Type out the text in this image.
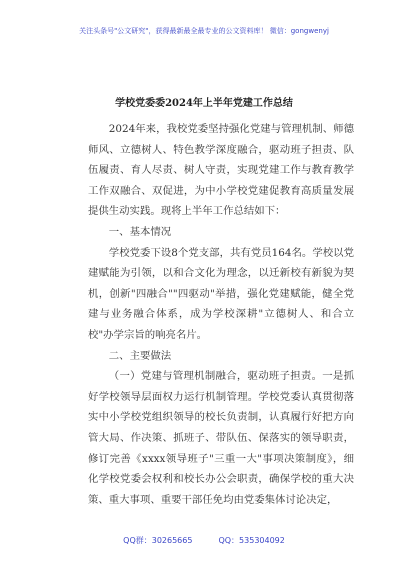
关注头条号"公文研究"，获得最新最全最专业的公文资料库！ 微信：gongwenyj
学校党委委2024年上半年党建工作总结

2024年来，我校党委坚持强化党建与管理机制、师德师风、立德树人、特色教学深度融合，驱动班子担责、队伍履责、育人尽责、树人守责，实现党建工作与教育教学工作双融合、双促进，为中小学校党建促教育高质量发展提供生动实践。现将上半年工作总结如下：

一、基本情况

学校党委下设8个党支部，共有党员164名。学校以党建赋能为引领，以和合文化为理念，以迁新校有新貌为契机，创新"四融合""四驱动"举措，强化党建赋能，健全党建与业务融合体系，成为学校深耕"立德树人、和合立校"办学宗旨的响亮名片。

二、主要做法

（一）党建与管理机制融合，驱动班子担责。一是抓好学校领导层面权力运行机制管理。学校党委认真贯彻落实中小学校党组织领导的校长负责制，认真履行好把方向管大局、作决策、抓班子、带队伍、保落实的领导职责，修订完善《xxxx领导班子"三重一大"事项决策制度》，细化学校党委会权利和校长办公会职责，确保学校的重大决策、重大事项、重要干部任免均由党委集体讨论决定，

QQ群：30265665	QQ：535304092
